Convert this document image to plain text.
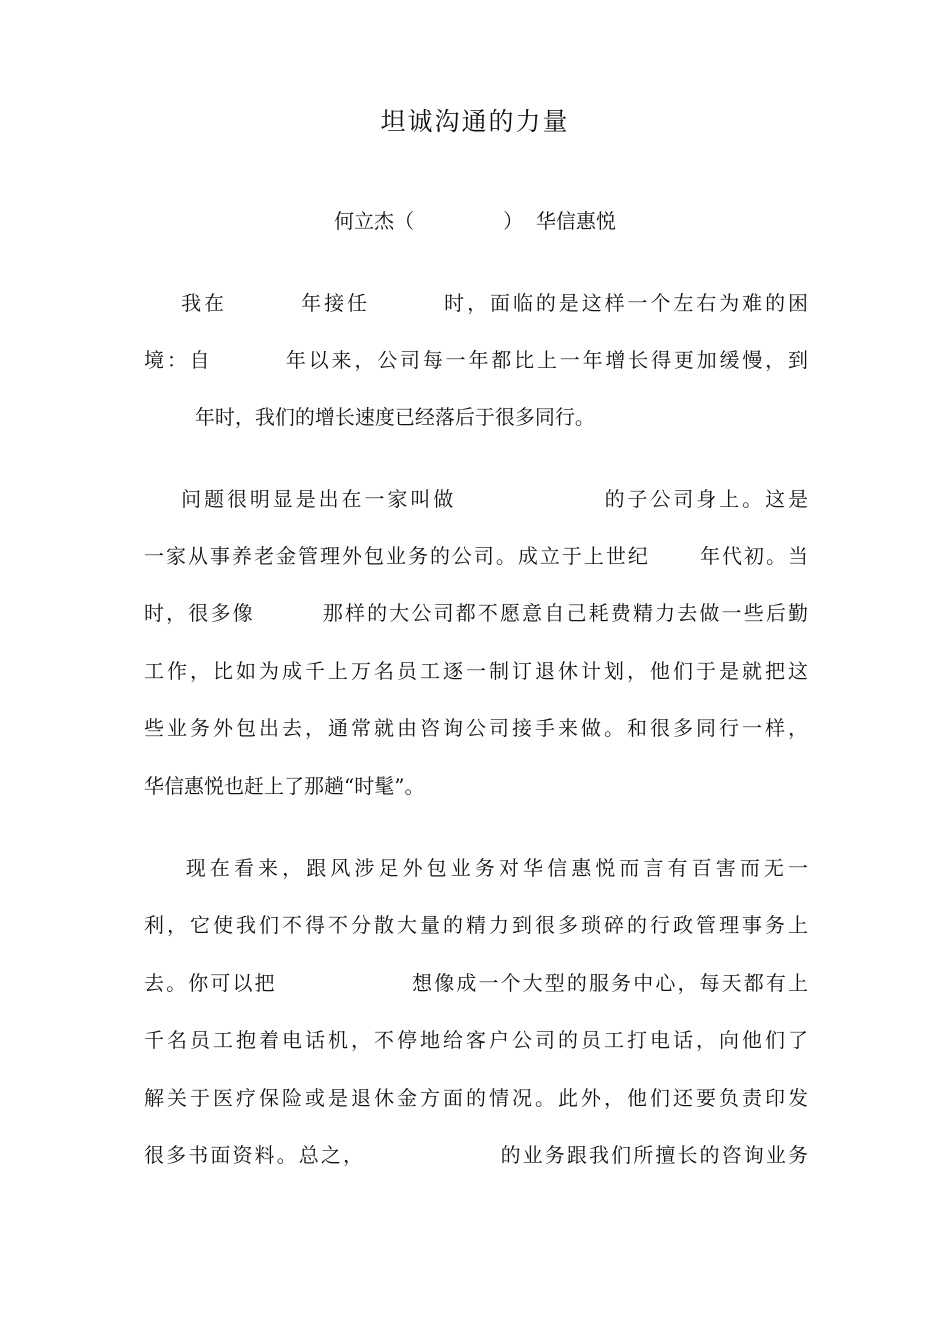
坦诚沟通的力量
何立杰（              ）  华信惠悦
我在        年接任        时，面临的是这样一个左右为难的困
境：自        年以来，公司每一年都比上一年增长得更加缓慢，到
年时，我们的增长速度已经落后于很多同行。
问题很明显是出在一家叫做                的子公司身上。这是
一家从事养老金管理外包业务的公司。成立于上世纪      年代初。当
时，很多像        那样的大公司都不愿意自己耗费精力去做一些后勤
工作，比如为成千上万名员工逐一制订退休计划，他们于是就把这
些业务外包出去，通常就由咨询公司接手来做。和很多同行一样，
华信惠悦也赶上了那趟“时髦”。
现在看来，跟风涉足外包业务对华信惠悦而言有百害而无一
利，它使我们不得不分散大量的精力到很多琐碎的行政管理事务上
去。你可以把                想像成一个大型的服务中心，每天都有上
千名员工抱着电话机，不停地给客户公司的员工打电话，向他们了
解关于医疗保险或是退休金方面的情况。此外，他们还要负责印发
很多书面资料。总之，                的业务跟我们所擅长的咨询业务
